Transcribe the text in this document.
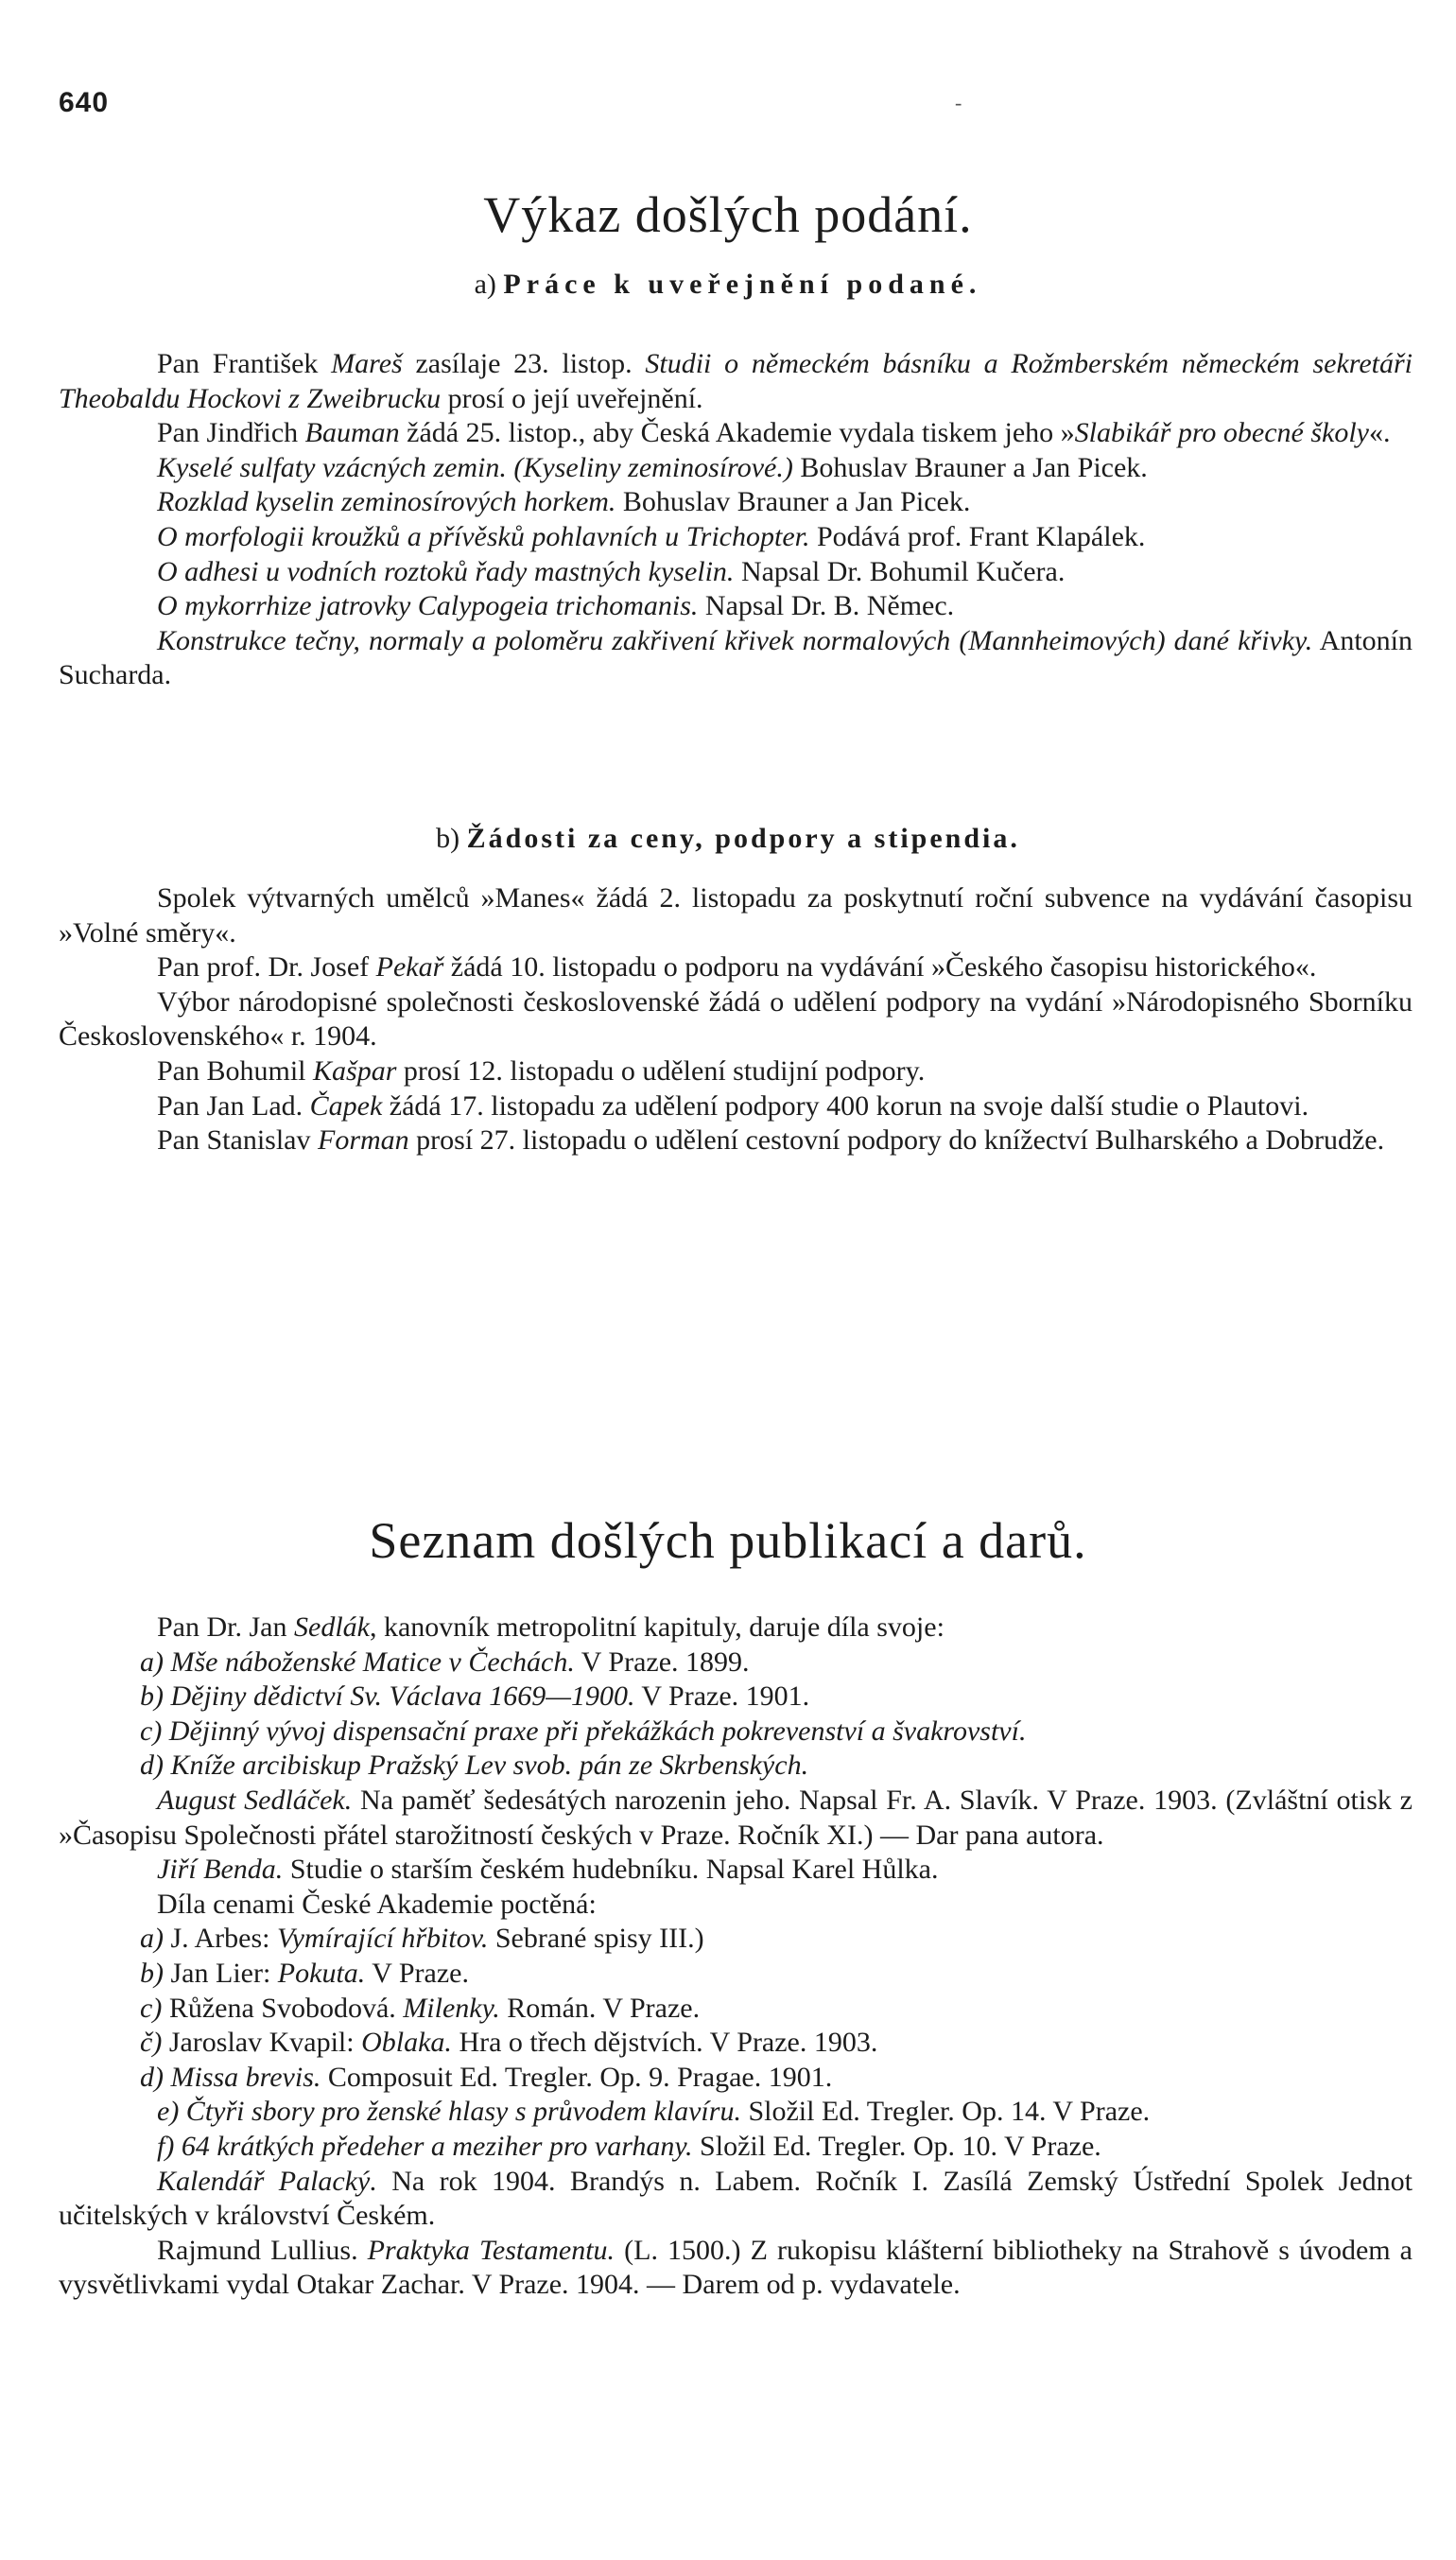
640	-
Výkaz došlých podání.
a) Práce k uveřejnění podané.

Pan František Mareš zasílaje 23. listop. Studii o německém básníku a Rožmberském německém sekretáři Theobaldu Hockovi z Zweibrucku prosí o její uveřejnění.

Pan Jindřich Bauman žádá 25. listop., aby Česká Akademie vydala tiskem jeho »Slabikář pro obecné školy«.

Kyselé sulfaty vzácných zemin. (Kyseliny zeminosírové.) Bohuslav Brauner a Jan Picek.

Rozklad kyselin zeminosírových horkem. Bohuslav Brauner a Jan Picek.

O morfologii kroužků a přívěsků pohlavních u Trichopter. Podává prof. Frant Klapálek.

O adhesi u vodních roztoků řady mastných kyselin. Napsal Dr. Bohumil Kučera.

O mykorrhize jatrovky Calypogeia trichomanis. Napsal Dr. B. Němec.

Konstrukce tečny, normaly a poloměru zakřivení křivek normalových (Mannheimových) dané křivky. Antonín Sucharda.

b) Žádosti za ceny, podpory a stipendia.

Spolek výtvarných umělců »Manes« žádá 2. listopadu za poskytnutí roční subvence na vydávání časopisu »Volné směry«.

Pan prof. Dr. Josef Pekař žádá 10. listopadu o podporu na vydávání »Českého časopisu historického«.

Výbor národopisné společnosti československé žádá o udělení podpory na vydání »Národopisného Sborníku Československého« r. 1904.

Pan Bohumil Kašpar prosí 12. listopadu o udělení studijní podpory.

Pan Jan Lad. Čapek žádá 17. listopadu za udělení podpory 400 korun na svoje další studie o Plautovi.

Pan Stanislav Forman prosí 27. listopadu o udělení cestovní podpory do knížectví Bulharského a Dobrudže.

Seznam došlých publikací a darů.

Pan Dr. Jan Sedlák, kanovník metropolitní kapituly, daruje díla svoje:

a) Mše náboženské Matice v Čechách. V Praze. 1899.

b) Dějiny dědictví Sv. Václava 1669—1900. V Praze. 1901.

c) Dějinný vývoj dispensační praxe při překážkách pokrevenství a švakrovství.

d) Kníže arcibiskup Pražský Lev svob. pán ze Skrbenských.

August Sedláček. Na paměť šedesátých narozenin jeho. Napsal Fr. A. Slavík. V Praze. 1903. (Zvláštní otisk z »Časopisu Společnosti přátel starožitností českých v Praze. Ročník XI.) — Dar pana autora.

Jiří Benda. Studie o starším českém hudebníku. Napsal Karel Hůlka.

Díla cenami České Akademie poctěná:

a) J. Arbes: Vymírající hřbitov. Sebrané spisy III.)

b) Jan Lier: Pokuta. V Praze.

c) Růžena Svobodová. Milenky. Román. V Praze.

č) Jaroslav Kvapil: Oblaka. Hra o třech dějstvích. V Praze. 1903.

d) Missa brevis. Composuit Ed. Tregler. Op. 9. Pragae. 1901.

e) Čtyři sbory pro ženské hlasy s průvodem klavíru. Složil Ed. Tregler. Op. 14. V Praze.

f) 64 krátkých předeher a meziher pro varhany. Složil Ed. Tregler. Op. 10. V Praze.

Kalendář Palacký. Na rok 1904. Brandýs n. Labem. Ročník I. Zasílá Zemský Ústřední Spolek Jednot učitelských v království Českém.

Rajmund Lullius. Praktyka Testamentu. (L. 1500.) Z rukopisu klášterní bibliotheky na Strahově s úvodem a vysvětlivkami vydal Otakar Zachar. V Praze. 1904. — Darem od p. vydavatele.
